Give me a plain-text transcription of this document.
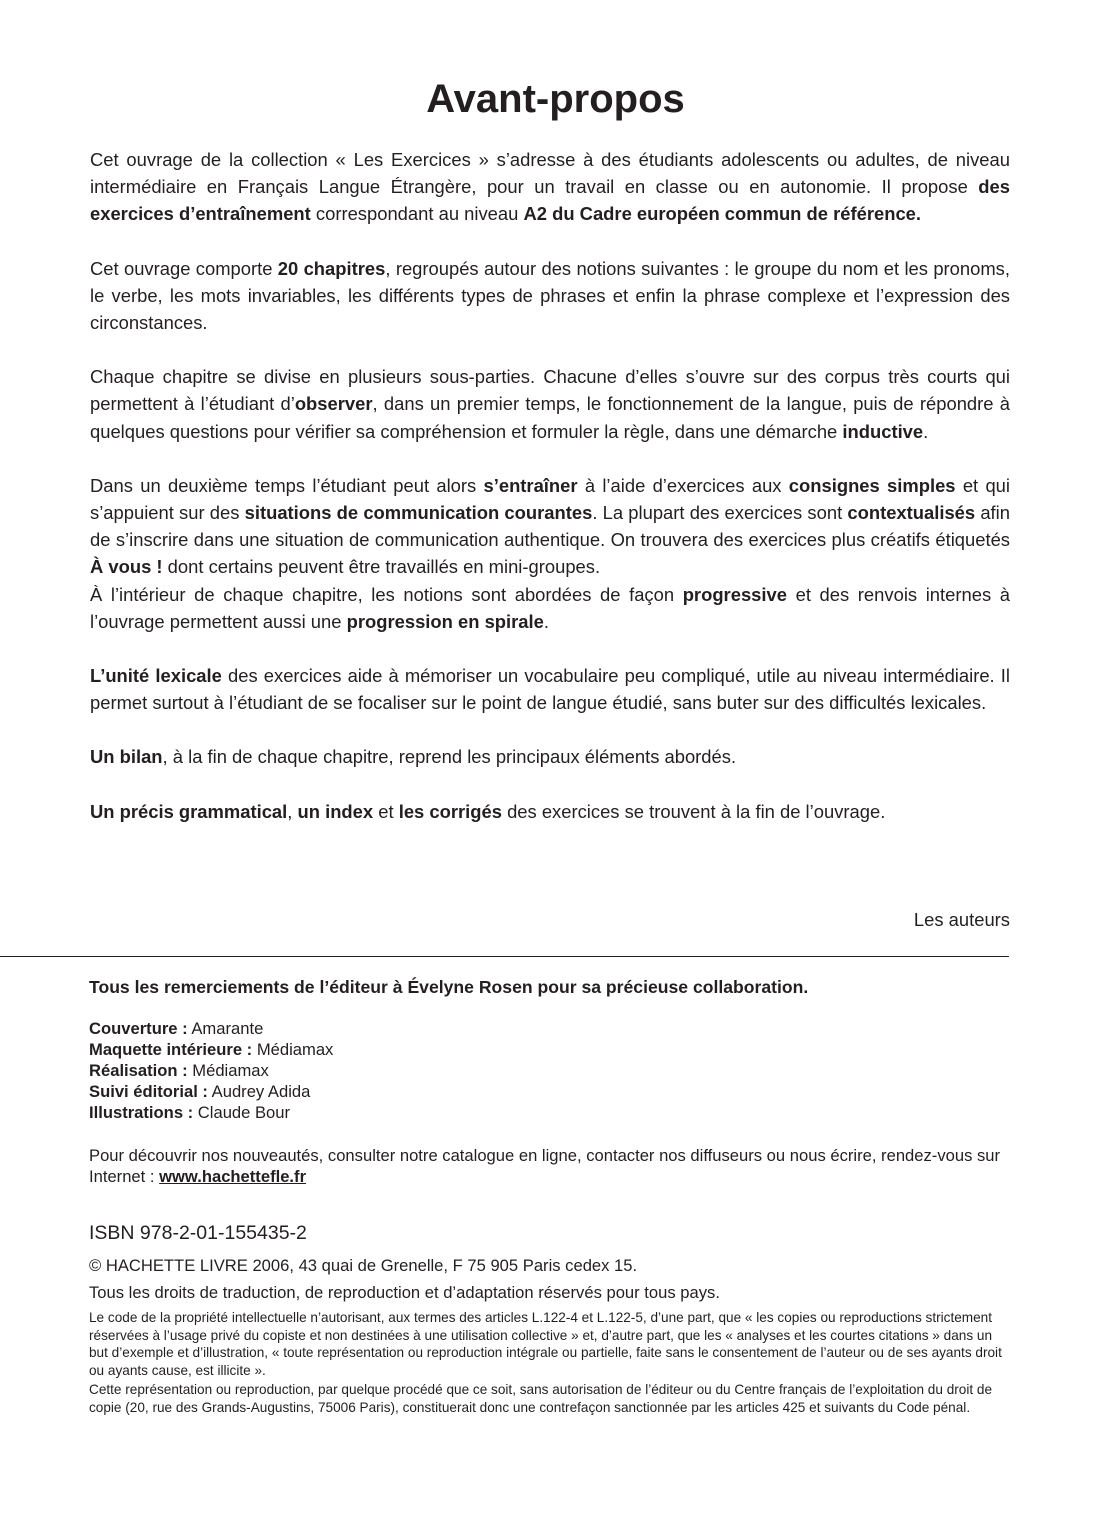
Avant-propos

Cet ouvrage de la collection « Les Exercices » s’adresse à des étudiants adolescents ou adultes, de niveau intermédiaire en Français Langue Étrangère, pour un travail en classe ou en autonomie. Il propose des exercices d’entraînement correspondant au niveau A2 du Cadre européen commun de référence.

Cet ouvrage comporte 20 chapitres, regroupés autour des notions suivantes : le groupe du nom et les pronoms, le verbe, les mots invariables, les différents types de phrases et enfin la phrase complexe et l’expression des circonstances.

Chaque chapitre se divise en plusieurs sous-parties. Chacune d’elles s’ouvre sur des corpus très courts qui permettent à l’étudiant d’observer, dans un premier temps, le fonctionnement de la langue, puis de répondre à quelques questions pour vérifier sa compréhension et formuler la règle, dans une démarche inductive.

Dans un deuxième temps l’étudiant peut alors s’entraîner à l’aide d’exercices aux consignes simples et qui s’appuient sur des situations de communication courantes. La plupart des exercices sont contextualisés afin de s’inscrire dans une situation de communication authentique. On trouvera des exercices plus créatifs étiquetés À vous ! dont certains peuvent être travaillés en mini-groupes.

À l’intérieur de chaque chapitre, les notions sont abordées de façon progressive et des renvois internes à l’ouvrage permettent aussi une progression en spirale.

L’unité lexicale des exercices aide à mémoriser un vocabulaire peu compliqué, utile au niveau intermédiaire. Il permet surtout à l’étudiant de se focaliser sur le point de langue étudié, sans buter sur des difficultés lexicales.

Un bilan, à la fin de chaque chapitre, reprend les principaux éléments abordés.

Un précis grammatical, un index et les corrigés des exercices se trouvent à la fin de l’ouvrage.

Les auteurs

Tous les remerciements de l’éditeur à Évelyne Rosen pour sa précieuse collaboration.

Couverture : Amarante
Maquette intérieure : Médiamax
Réalisation : Médiamax
Suivi éditorial : Audrey Adida
Illustrations : Claude Bour

Pour découvrir nos nouveautés, consulter notre catalogue en ligne, contacter nos diffuseurs ou nous écrire, rendez-vous sur Internet : www.hachettefle.fr

ISBN 978-2-01-155435-2

© HACHETTE LIVRE 2006, 43 quai de Grenelle, F 75 905 Paris cedex 15.

Tous les droits de traduction, de reproduction et d’adaptation réservés pour tous pays.

Le code de la propriété intellectuelle n’autorisant, aux termes des articles L.122-4 et L.122-5, d’une part, que « les copies ou reproductions strictement réservées à l’usage privé du copiste et non destinées à une utilisation collective » et, d’autre part, que les « analyses et les courtes citations » dans un but d’exemple et d’illustration, « toute représentation ou reproduction intégrale ou partielle, faite sans le consentement de l’auteur ou de ses ayants droit ou ayants cause, est illicite ».

Cette représentation ou reproduction, par quelque procédé que ce soit, sans autorisation de l’éditeur ou du Centre français de l’exploitation du droit de copie (20, rue des Grands-Augustins, 75006 Paris), constituerait donc une contrefaçon sanctionnée par les articles 425 et suivants du Code pénal.
